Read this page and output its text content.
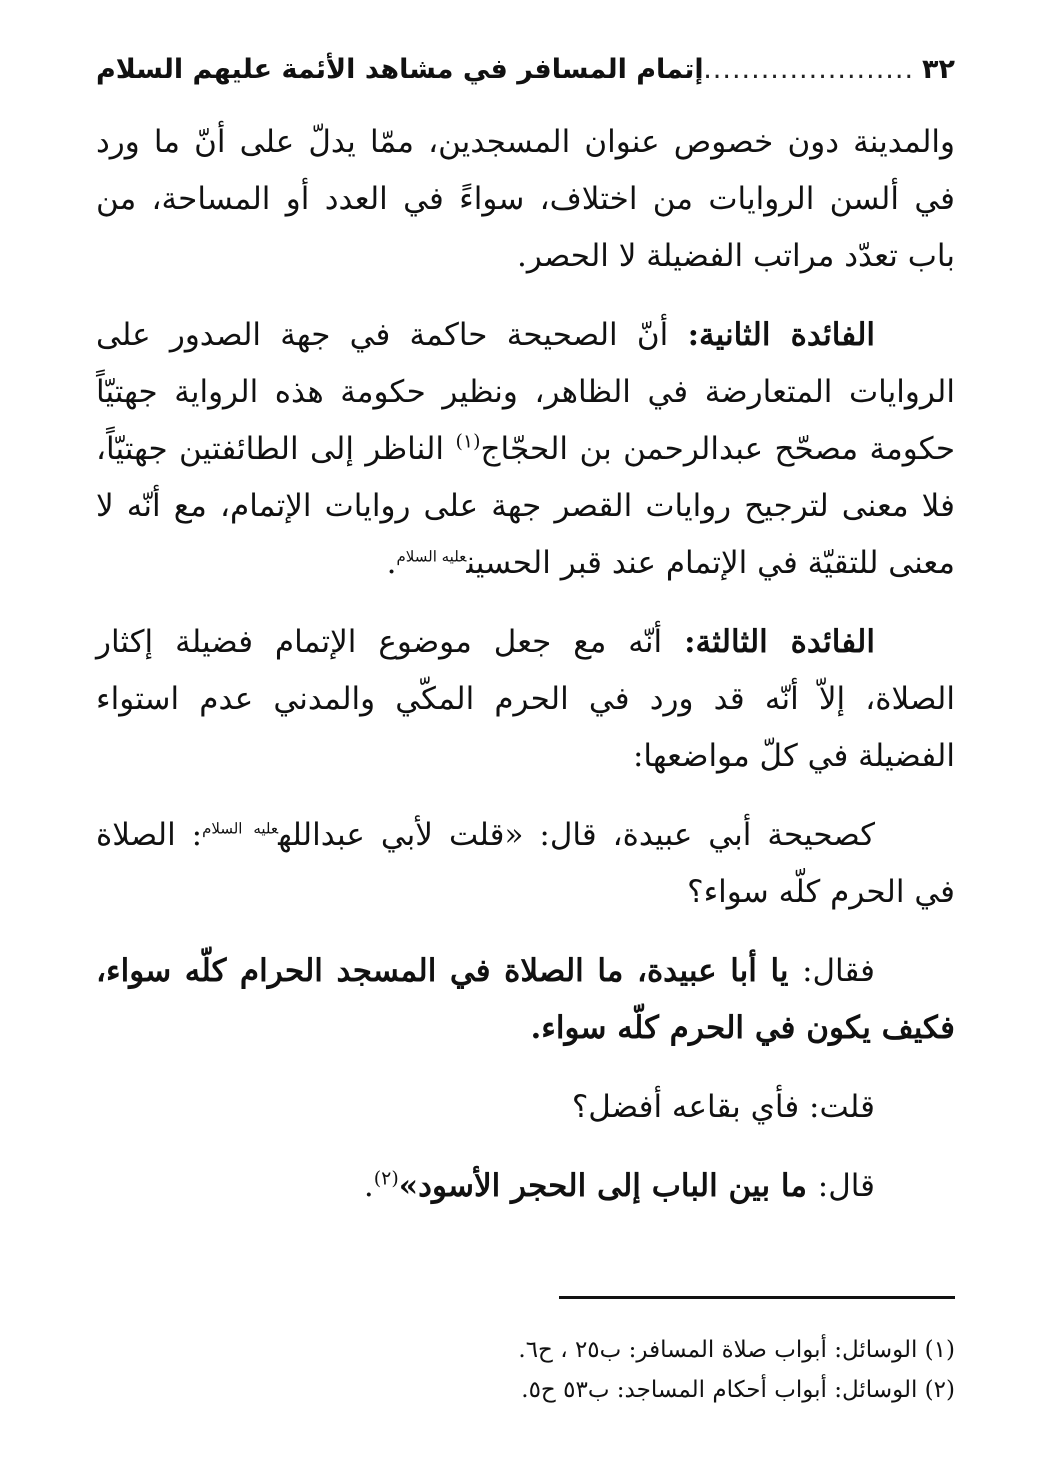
٣٢
.....
إتمام المسافر في مشاهد الأئمة عليهم السلام

والمدينة دون خصوص عنوان المسجدين، ممّا يدلّ على أنّ ما ورد في ألسن الروايات من اختلاف، سواءً في العدد أو المساحة، من باب تعدّد مراتب الفضيلة لا الحصر.

الفائدة الثانية: أنّ الصحيحة حاكمة في جهة الصدور على الروايات المتعارضة في الظاهر، ونظير حكومة هذه الرواية جهتيّاً حكومة مصحّح عبدالرحمن بن الحجّاج$^{(١)}$ الناظر إلى الطائفتين جهتيّاً، فلا معنى لترجيح روايات القصر جهة على روايات الإتمام، مع أنّه لا معنى للتقيّة في الإتمام عند قبر الحسين$^{عليه السلام}$.

الفائدة الثالثة: أنّه مع جعل موضوع الإتمام فضيلة إكثار الصلاة، إلاّ أنّه قد ورد في الحرم المكّي والمدني عدم استواء الفضيلة في كلّ مواضعها:

كصحيحة أبي عبيدة، قال: «قلت لأبي عبدالله$^{عليه السلام}$: الصلاة في الحرم كلّه سواء؟

فقال: يا أبا عبيدة، ما الصلاة في المسجد الحرام كلّه سواء، فكيف يكون في الحرم كلّه سواء.

قلت: فأي بقاعه أفضل؟

قال: ما بين الباب إلى الحجر الأسود»$^{(٢)}$.

(١) الوسائل: أبواب صلاة المسافر: ب٢٥ ، ح٦.
(٢) الوسائل: أبواب أحكام المساجد: ب٥٣ ح٥.
